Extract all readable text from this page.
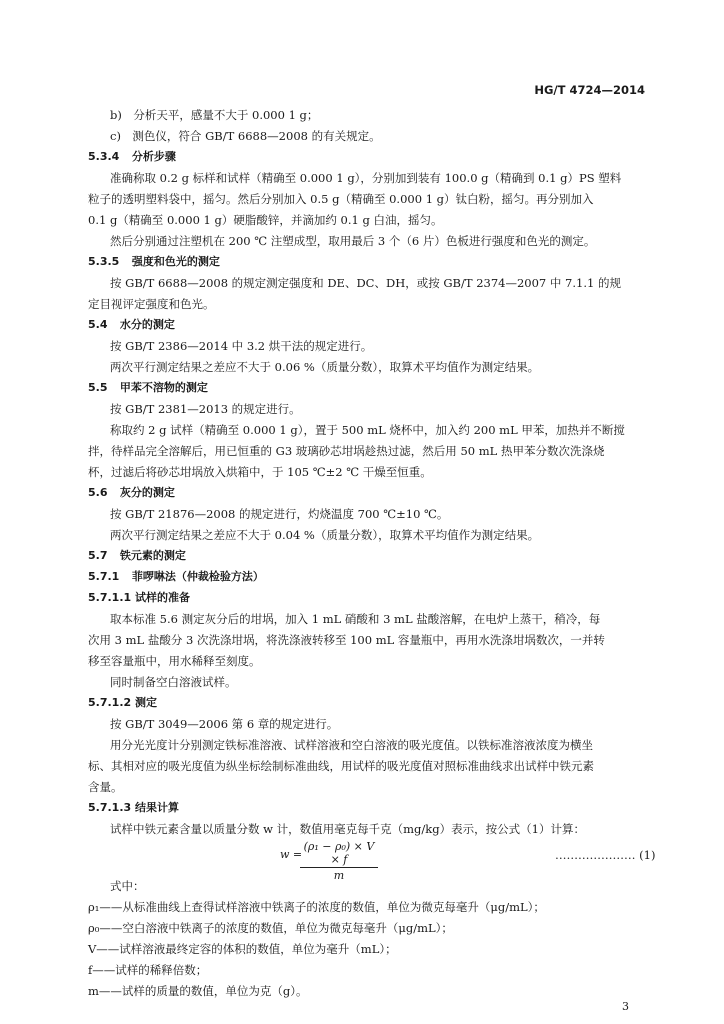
HG/T 4724—2014
b)　分析天平，感量不大于 0.000 1 g；
c)　测色仪，符合 GB/T 6688—2008 的有关规定。
5.3.4 分析步骤
准确称取 0.2 g 标样和试样（精确至 0.000 1 g），分别加到装有 100.0 g（精确到 0.1 g）PS 塑料
粒子的透明塑料袋中，摇匀。然后分别加入 0.5 g（精确至 0.000 1 g）钛白粉，摇匀。再分别加入
0.1 g（精确至 0.000 1 g）硬脂酸锌，并滴加约 0.1 g 白油，摇匀。
然后分别通过注塑机在 200 ℃ 注塑成型，取用最后 3 个（6 片）色板进行强度和色光的测定。
5.3.5 强度和色光的测定
按 GB/T 6688—2008 的规定测定强度和 DE、DC、DH，或按 GB/T 2374—2007 中 7.1.1 的规
定目视评定强度和色光。
5.4 水分的测定
按 GB/T 2386—2014 中 3.2 烘干法的规定进行。
两次平行测定结果之差应不大于 0.06 %（质量分数），取算术平均值作为测定结果。
5.5 甲苯不溶物的测定
按 GB/T 2381—2013 的规定进行。
称取约 2 g 试样（精确至 0.000 1 g），置于 500 mL 烧杯中，加入约 200 mL 甲苯，加热并不断搅
拌，待样品完全溶解后，用已恒重的 G3 玻璃砂芯坩埚趁热过滤，然后用 50 mL 热甲苯分数次洗涤烧
杯，过滤后将砂芯坩埚放入烘箱中，于 105 ℃±2 ℃ 干燥至恒重。
5.6 灰分的测定
按 GB/T 21876—2008 的规定进行，灼烧温度 700 ℃±10 ℃。
两次平行测定结果之差应不大于 0.04 %（质量分数），取算术平均值作为测定结果。
5.7 铁元素的测定
5.7.1 菲啰啉法（仲裁检验方法）
5.7.1.1 试样的准备
取本标准 5.6 测定灰分后的坩埚，加入 1 mL 硝酸和 3 mL 盐酸溶解，在电炉上蒸干，稍冷，每
次用 3 mL 盐酸分 3 次洗涤坩埚，将洗涤液转移至 100 mL 容量瓶中，再用水洗涤坩埚数次，一并转
移至容量瓶中，用水稀释至刻度。
同时制备空白溶液试样。
5.7.1.2 测定
按 GB/T 3049—2006 第 6 章的规定进行。
用分光光度计分别测定铁标准溶液、试样溶液和空白溶液的吸光度值。以铁标准溶液浓度为横坐
标、其相对应的吸光度值为纵坐标绘制标准曲线，用试样的吸光度值对照标准曲线求出试样中铁元素
含量。
5.7.1.3 结果计算
试样中铁元素含量以质量分数 w 计，数值用毫克每千克（mg/kg）表示，按公式（1）计算：
w =
(ρ₁ − ρ₀) × V × f
m
………………… (1)
式中：
ρ₁——从标准曲线上查得试样溶液中铁离子的浓度的数值，单位为微克每毫升（μg/mL）；
ρ₀——空白溶液中铁离子的浓度的数值，单位为微克每毫升（μg/mL）；
V——试样溶液最终定容的体积的数值，单位为毫升（mL）；
f——试样的稀释倍数；
m——试样的质量的数值，单位为克（g）。
3
